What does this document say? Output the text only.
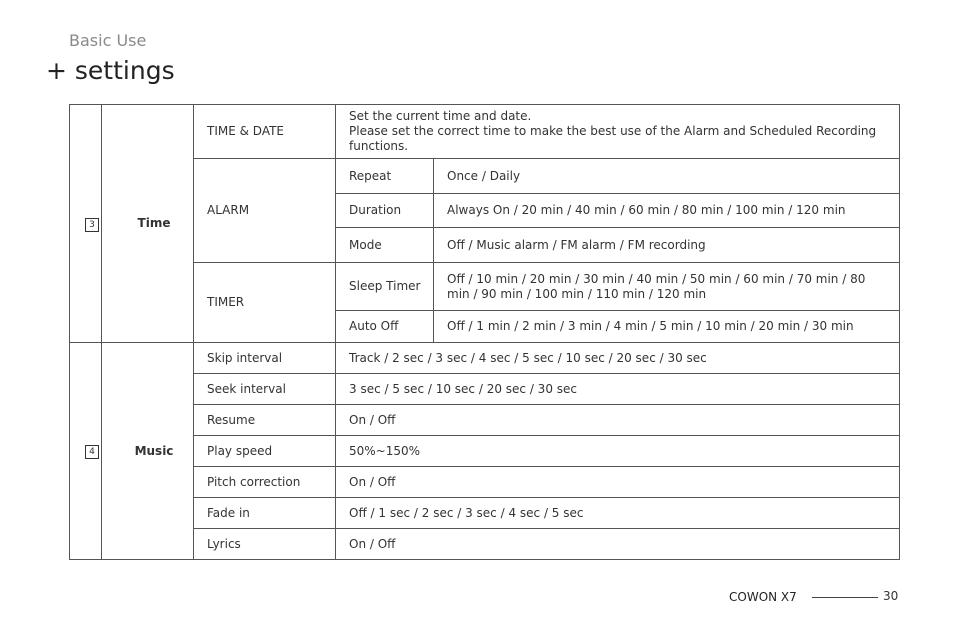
Basic Use
+ settings
3	Time	TIME & DATE	Set the current time and date.
Please set the correct time to make the best use of the Alarm and Scheduled Recording functions.	

		ALARM	Repeat	Once / Daily
			Duration	Always On / 20 min / 40 min / 60 min / 80 min / 100 min / 120 min
			Mode	Off / Music alarm / FM alarm / FM recording
		TIMER	Sleep Timer	Off / 10 min / 20 min / 30 min / 40 min / 50 min / 60 min / 70 min / 80 min / 90 min / 100 min / 110 min / 120 min
			Auto Off	Off / 1 min / 2 min / 3 min / 4 min / 5 min / 10 min / 20 min / 30 min
4	Music	Skip interval	Track / 2 sec / 3 sec / 4 sec / 5 sec / 10 sec / 20 sec / 30 sec	
		Seek interval	3 sec / 5 sec / 10 sec / 20 sec / 30 sec	
		Resume	On / Off	
		Play speed	50%~150%	
		Pitch correction	On / Off	
		Fade in	Off / 1 sec / 2 sec / 3 sec / 4 sec / 5 sec	
		Lyrics	On / Off	
COWON X7	30
